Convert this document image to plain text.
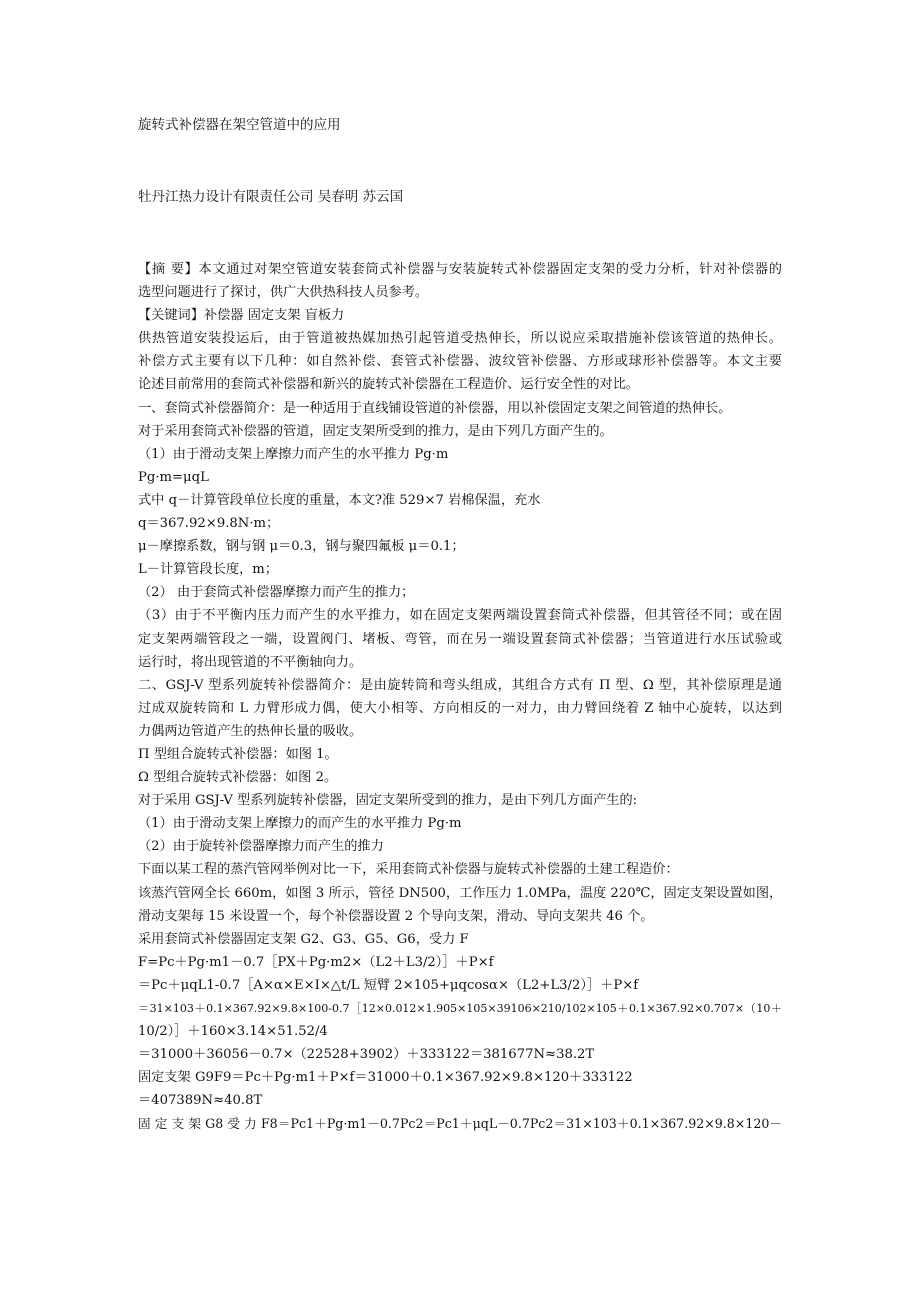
旋转式补偿器在架空管道中的应用
牡丹江热力设计有限责任公司 吴春明 苏云国
【摘 要】本文通过对架空管道安装套筒式补偿器与安装旋转式补偿器固定支架的受力分析，针对补偿器的
选型问题进行了探讨，供广大供热科技人员参考。
【关键词】补偿器 固定支架 盲板力
供热管道安装投运后，由于管道被热媒加热引起管道受热伸长，所以说应采取措施补偿该管道的热伸长。
补偿方式主要有以下几种：如自然补偿、套管式补偿器、波纹管补偿器、方形或球形补偿器等。本文主要
论述目前常用的套筒式补偿器和新兴的旋转式补偿器在工程造价、运行安全性的对比。
一、套筒式补偿器简介：是一种适用于直线铺设管道的补偿器，用以补偿固定支架之间管道的热伸长。
对于采用套筒式补偿器的管道，固定支架所受到的推力，是由下列几方面产生的。
（1）由于滑动支架上摩擦力而产生的水平推力 Pg·m
Pg·m=μqL
式中 q－计算管段单位长度的重量，本文?准 529×7 岩棉保温，充水
q＝367.92×9.8N·m；
μ－摩擦系数，钢与钢 μ＝0.3，钢与聚四氟板 μ＝0.1；
L－计算管段长度，m；
（2） 由于套筒式补偿器摩擦力而产生的推力；
（3）由于不平衡内压力而产生的水平推力，如在固定支架两端设置套筒式补偿器，但其管径不同；或在固
定支架两端管段之一端，设置阀门、堵板、弯管，而在另一端设置套筒式补偿器；当管道进行水压试验或
运行时，将出现管道的不平衡轴向力。
二、GSJ-V 型系列旋转补偿器简介：是由旋转筒和弯头组成，其组合方式有 Π 型、Ω 型，其补偿原理是通
过成双旋转筒和 L 力臂形成力偶，使大小相等、方向相反的一对力，由力臂回绕着 Z 轴中心旋转，以达到
力偶两边管道产生的热伸长量的吸收。
Π 型组合旋转式补偿器：如图 1。
Ω 型组合旋转式补偿器：如图 2。
对于采用 GSJ-V 型系列旋转补偿器，固定支架所受到的推力，是由下列几方面产生的:
（1）由于滑动支架上摩擦力的而产生的水平推力 Pg·m
（2）由于旋转补偿器摩擦力而产生的推力
下面以某工程的蒸汽管网举例对比一下，采用套筒式补偿器与旋转式补偿器的土建工程造价：
该蒸汽管网全长 660m，如图 3 所示，管径 DN500，工作压力 1.0MPa，温度 220℃，固定支架设置如图，
滑动支架每 15 米设置一个，每个补偿器设置 2 个导向支架，滑动、导向支架共 46 个。
采用套筒式补偿器固定支架 G2、G3、G5、G6，受力 F
F=Pc＋Pg·m1－0.7［PX＋Pg·m2×（L2＋L3/2）］＋P×f
＝Pc＋μqL1-0.7［A×α×E×I×△t/L 短臂 2×105+μqcosα×（L2+L3/2）］＋P×f
＝31×103＋0.1×367.92×9.8×100-0.7［12×0.012×1.905×105×39106×210/102×105＋0.1×367.92×0.707×（10＋
10/2）］＋160×3.14×51.52/4
＝31000＋36056－0.7×（22528+3902）＋333122＝381677N≈38.2T
固定支架 G9F9＝Pc＋Pg·m1＋P×f＝31000＋0.1×367.92×9.8×120＋333122
＝407389N≈40.8T
固 定 支 架 G8 受 力 F8＝Pc1＋Pg·m1－0.7Pc2＝Pc1＋μqL－0.7Pc2＝31×103＋0.1×367.92×9.8×120－
